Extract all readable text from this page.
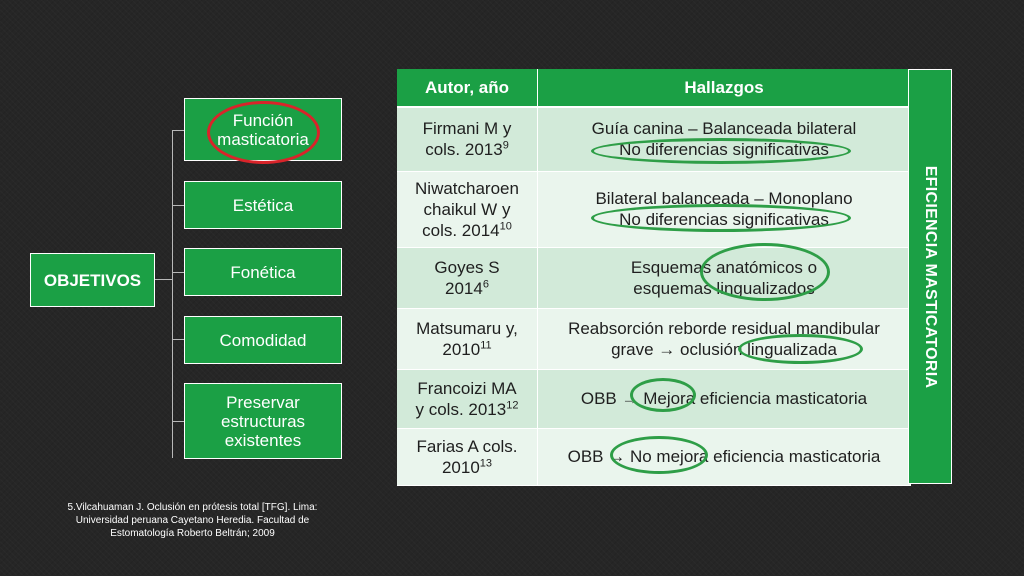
OBJETIVOS
Función
masticatoria
Estética
Fonética
Comodidad
Preservar
estructuras
existentes
Autor, año	Hallazgos
Firmani M y
cols. 2013$^9$	Guía canina – Balanceada bilateral
No diferencias significativas
Niwatcharoen
chaikul W y
cols. 2014$^{10}$	Bilateral balanceada – Monoplano
No diferencias significativas
Goyes S
2014$^6$	Esquemas anatómicos o
esquemas lingualizados
Matsumaru y,
2010$^{11}$	Reabsorción reborde residual mandibular
grave → oclusión lingualizada
Francoizi MA
y cols. 2013$^{12}$	OBB → Mejora eficiencia masticatoria
Farias A cols.
2010$^{13}$	OBB → No mejora eficiencia masticatoria
EFICIENCIA MASTICATORIA
5.Vilcahuaman J. Oclusión en prótesis total [TFG]. Lima: Universidad peruana Cayetano Heredia. Facultad de Estomatología Roberto Beltrán; 2009
